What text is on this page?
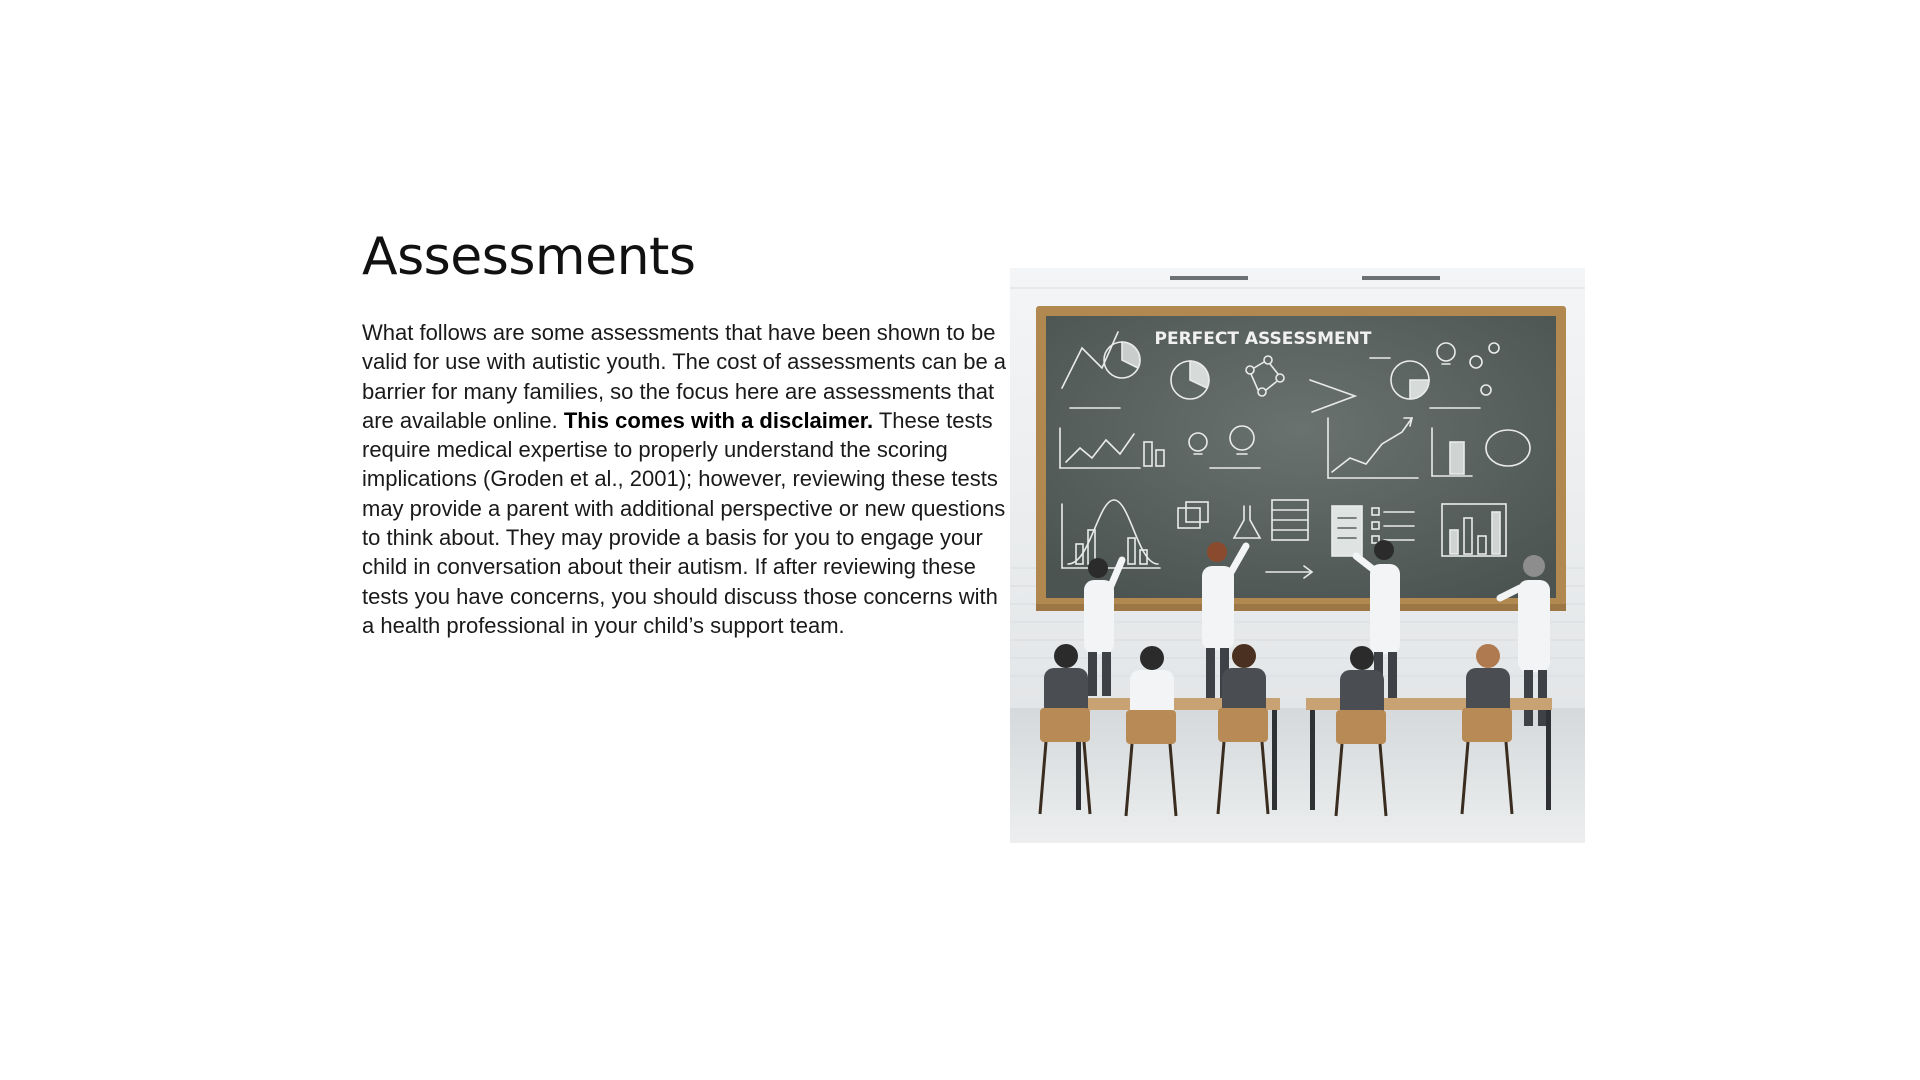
Assessments

What follows are some assessments that have been shown to be valid for use with autistic youth. The cost of assessments can be a barrier for many families, so the focus here are assessments that are available online. This comes with a disclaimer. These tests require medical expertise to properly understand the scoring implications (Groden et al., 2001); however, reviewing these tests may provide a parent with additional perspective or new questions to think about. They may provide a basis for you to engage your child in conversation about their autism. If after reviewing these tests you have concerns, you should discuss those concerns with a health professional in your child’s support team.

PERFECT ASSESSMENT
